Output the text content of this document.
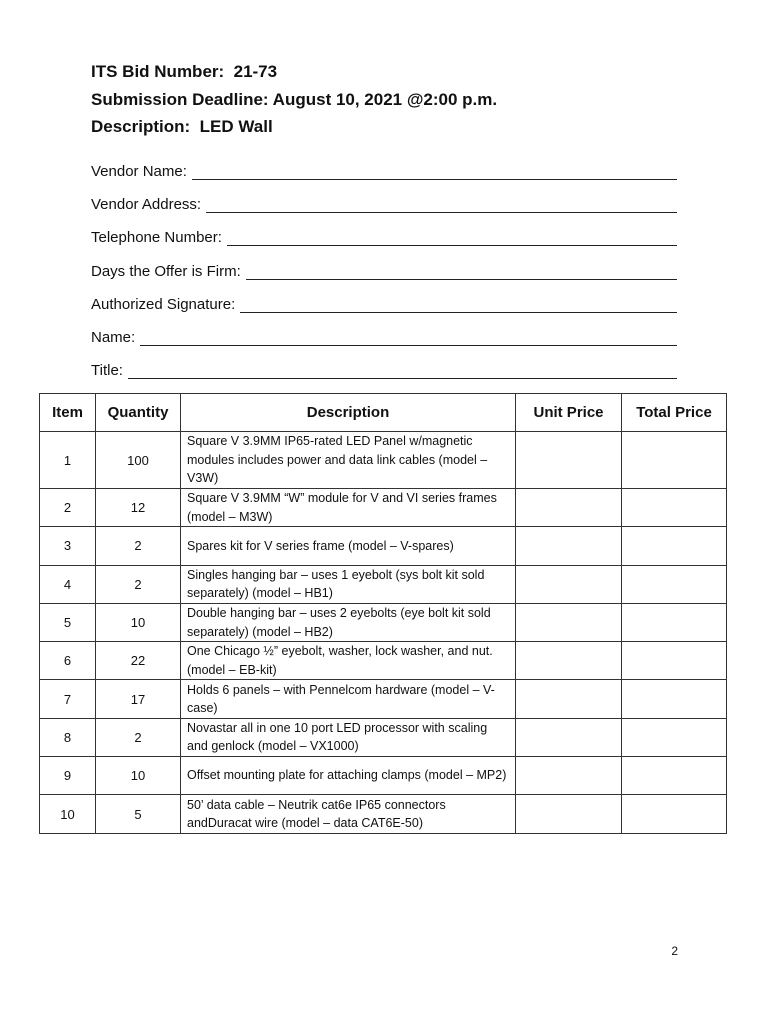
ITS Bid Number:  21-73
Submission Deadline: August 10, 2021 @2:00 p.m.
Description:  LED Wall
Vendor Name:
Vendor Address:
Telephone Number:
Days the Offer is Firm:
Authorized Signature:
Name:
Title:
Item	Quantity	Description	Unit Price	Total Price
1	100	Square V 3.9MM IP65-rated LED Panel w/magnetic modules includes power and data link cables (model – V3W)		
2	12	Square V 3.9MM “W” module for V and VI series frames (model – M3W)		
3	2	Spares kit for V series frame (model – V-spares)		
4	2	Singles hanging bar – uses 1 eyebolt (sys bolt kit sold separately) (model – HB1)		
5	10	Double hanging bar – uses 2 eyebolts (eye bolt kit sold separately) (model – HB2)		
6	22	One Chicago ½” eyebolt, washer, lock washer, and nut. (model – EB-kit)		
7	17	Holds 6 panels – with Pennelcom hardware (model – V-case)		
8	2	Novastar all in one 10 port LED processor with scaling and genlock (model – VX1000)		
9	10	Offset mounting plate for attaching clamps (model – MP2)		
10	5	50’ data cable – Neutrik cat6e IP65 connectors andDuracat wire (model – data CAT6E-50)		
2
